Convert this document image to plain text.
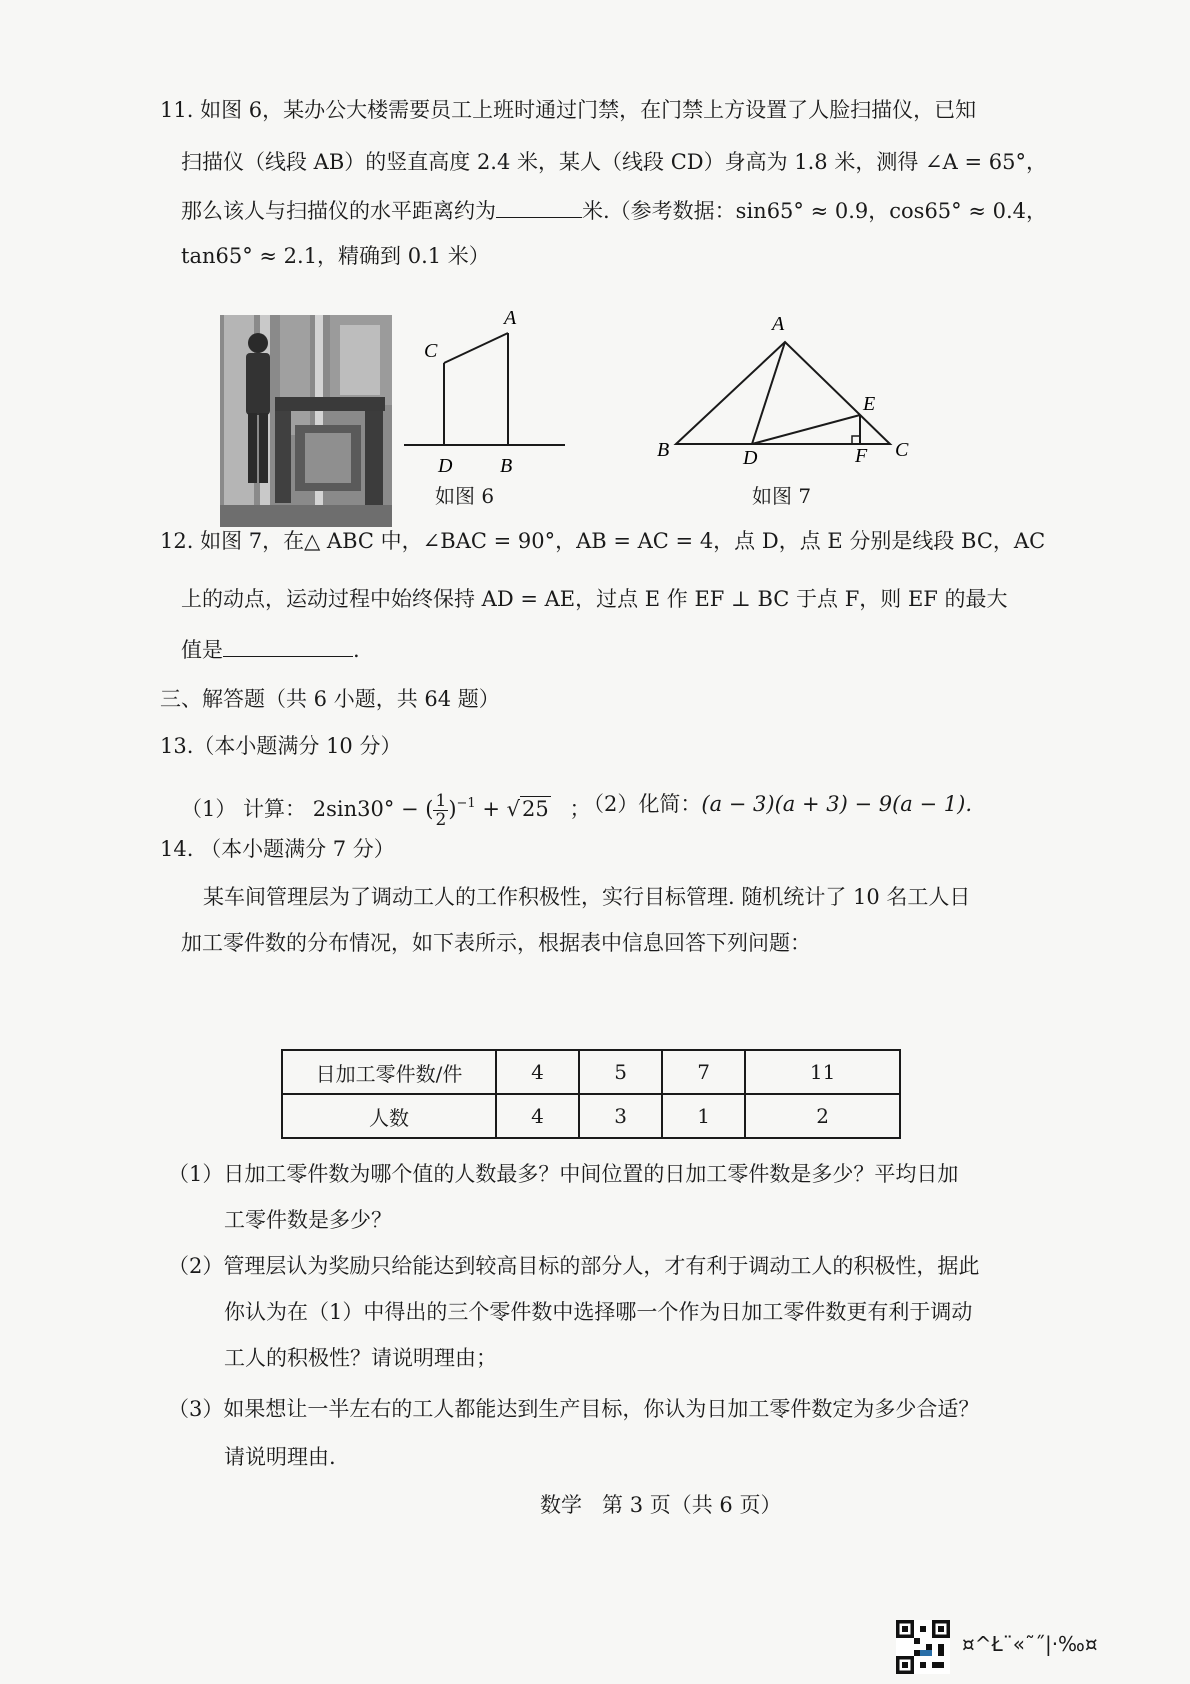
11. 如图 6，某办公大楼需要员工上班时通过门禁，在门禁上方设置了人脸扫描仪，已知
扫描仪（线段 AB）的竖直高度 2.4 米，某人（线段 CD）身高为 1.8 米，测得 ∠A = 65°，
那么该人与扫描仪的水平距离约为	米.（参考数据：sin65° ≈ 0.9，cos65° ≈ 0.4，
tan65° ≈ 2.1，精确到 0.1 米）
A
C
D B
如图 6
A
B	C
D
E
F
如图 7
12. 如图 7，在△ ABC 中，∠BAC = 90°，AB = AC = 4，点 D，点 E 分别是线段 BC，AC
上的动点，运动过程中始终保持 AD = AE，过点 E 作 EF ⊥ BC 于点 F，则 EF 的最大
值是	.
三、解答题（共 6 小题，共 64 题）
13.（本小题满分 10 分）
（1） 计算： 2sin30° − ( $\frac{1}{2} )^{-1} + √25$ ；
（2）化简：(a − 3)(a + 3) − 9(a − 1).
14. （本小题满分 7 分）
某车间管理层为了调动工人的工作积极性，实行目标管理. 随机统计了 10 名工人日
加工零件数的分布情况，如下表所示，根据表中信息回答下列问题：
日加工零件数/件	4	5	7	11
人数	4	3	1	2
（1）日加工零件数为哪个值的人数最多？中间位置的日加工零件数是多少？平均日加
工零件数是多少？
（2）管理层认为奖励只给能达到较高目标的部分人，才有利于调动工人的积极性，据此
你认为在（1）中得出的三个零件数中选择哪一个作为日加工零件数更有利于调动
工人的积极性？请说明理由；
（3）如果想让一半左右的工人都能达到生产目标，你认为日加工零件数定为多少合适？
请说明理由.
数学   第 3 页（共 6 页）
¤^Ł¨«˜˝|·‰¤
